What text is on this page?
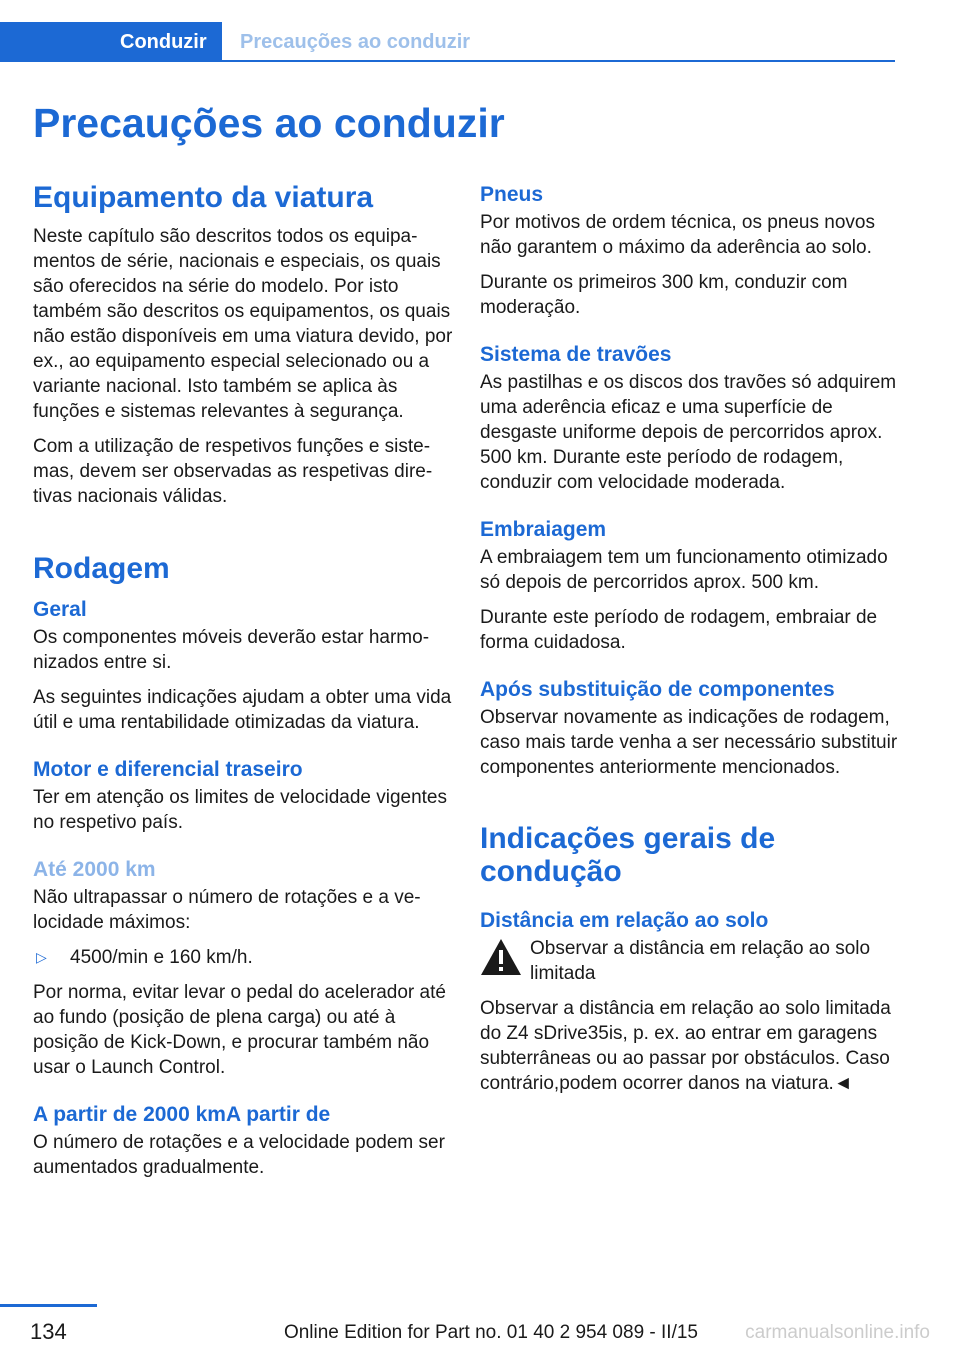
Conduzir	Precauções ao conduzir
Precauções ao conduzir
Equipamento da viatura

Neste capítulo são descritos todos os equipamentos de série, nacionais e especiais, os quais são oferecidos na série do modelo. Por isto também são descritos os equipamentos, os quais não estão disponíveis em uma viatura devido, por ex., ao equipamento especial selecionado ou a variante nacional. Isto também se aplica às funções e sistemas relevantes à segurança.

Com a utilização de respetivos funções e sistemas, devem ser observadas as respetivas diretivas nacionais válidas.

Rodagem
Geral

Os componentes móveis deverão estar harmonizados entre si.

As seguintes indicações ajudam a obter uma vida útil e uma rentabilidade otimizadas da viatura.

Motor e diferencial traseiro

Ter em atenção os limites de velocidade vigentes no respetivo país.

Até 2000 km

Não ultrapassar o número de rotações e a velocidade máximos:

▷	4500/min e 160 km/h.

Por norma, evitar levar o pedal do acelerador até ao fundo (posição de plena carga) ou até à posição de Kick-Down, e procurar também não usar o Launch Control.

A partir de 2000 kmA partir de

O número de rotações e a velocidade podem ser aumentados gradualmente.

Pneus

Por motivos de ordem técnica, os pneus novos não garantem o máximo da aderência ao solo.

Durante os primeiros 300 km, conduzir com moderação.

Sistema de travões

As pastilhas e os discos dos travões só adquirem uma aderência eficaz e uma superfície de desgaste uniforme depois de percorridos aprox. 500 km. Durante este período de rodagem, conduzir com velocidade moderada.

Embraiagem

A embraiagem tem um funcionamento otimizado só depois de percorridos aprox. 500 km.

Durante este período de rodagem, embraiar de forma cuidadosa.

Após substituição de componentes

Observar novamente as indicações de rodagem, caso mais tarde venha a ser necessário substituir componentes anteriormente mencionados.

Indicações gerais de condução
Distância em relação ao solo
Observar a distância em relação ao solo limitada

Observar a distância em relação ao solo limitada do Z4 sDrive35is, p. ex. ao entrar em garagens subterrâneas ou ao passar por obstáculos. Caso contrário,podem ocorrer danos na viatura.◄

134	Online Edition for Part no. 01 40 2 954 089 - II/15 carmanualsonline.info
